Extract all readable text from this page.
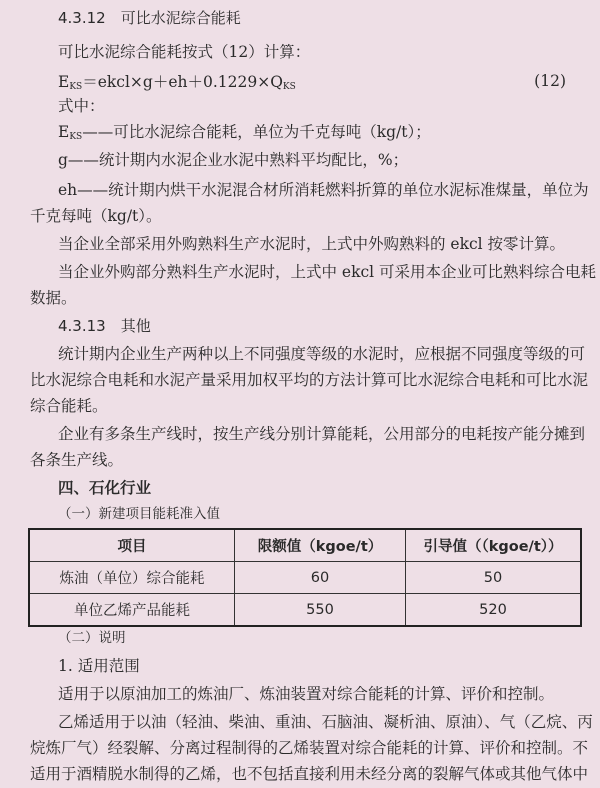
4.3.12　可比水泥综合能耗
可比水泥综合能耗按式（12）计算：
$E_{KS}=ekcl\times g+eh+0.1229\times Q_{KS}$	(12)
式中：
$E_{KS}——$可比水泥综合能耗，单位为千克每吨（kg/t）；
g——统计期内水泥企业水泥中熟料平均配比，%；
eh——统计期内烘干水泥混合材所消耗燃料折算的单位水泥标准煤量，单位为
千克每吨（kg/t）。
当企业全部采用外购熟料生产水泥时，上式中外购熟料的 ekcl 按零计算。
当企业外购部分熟料生产水泥时，上式中 ekcl 可采用本企业可比熟料综合电耗
数据。
4.3.13　其他
统计期内企业生产两种以上不同强度等级的水泥时，应根据不同强度等级的可
比水泥综合电耗和水泥产量采用加权平均的方法计算可比水泥综合电耗和可比水泥
综合能耗。
企业有多条生产线时，按生产线分别计算能耗，公用部分的电耗按产能分摊到
各条生产线。
四、石化行业
（一）新建项目能耗准入值
项目	限额值（kgoe/t）	引导值（（kgoe/t））
炼油（单位）综合能耗	60	50
单位乙烯产品能耗	550	520
（二）说明
1. 适用范围
适用于以原油加工的炼油厂、炼油装置对综合能耗的计算、评价和控制。
乙烯适用于以油（轻油、柴油、重油、石脑油、凝析油、原油）、气（乙烷、丙
烷炼厂气）经裂解、分离过程制得的乙烯装置对综合能耗的计算、评价和控制。不
适用于酒精脱水制得的乙烯，也不包括直接利用未经分离的裂解气体或其他气体中
